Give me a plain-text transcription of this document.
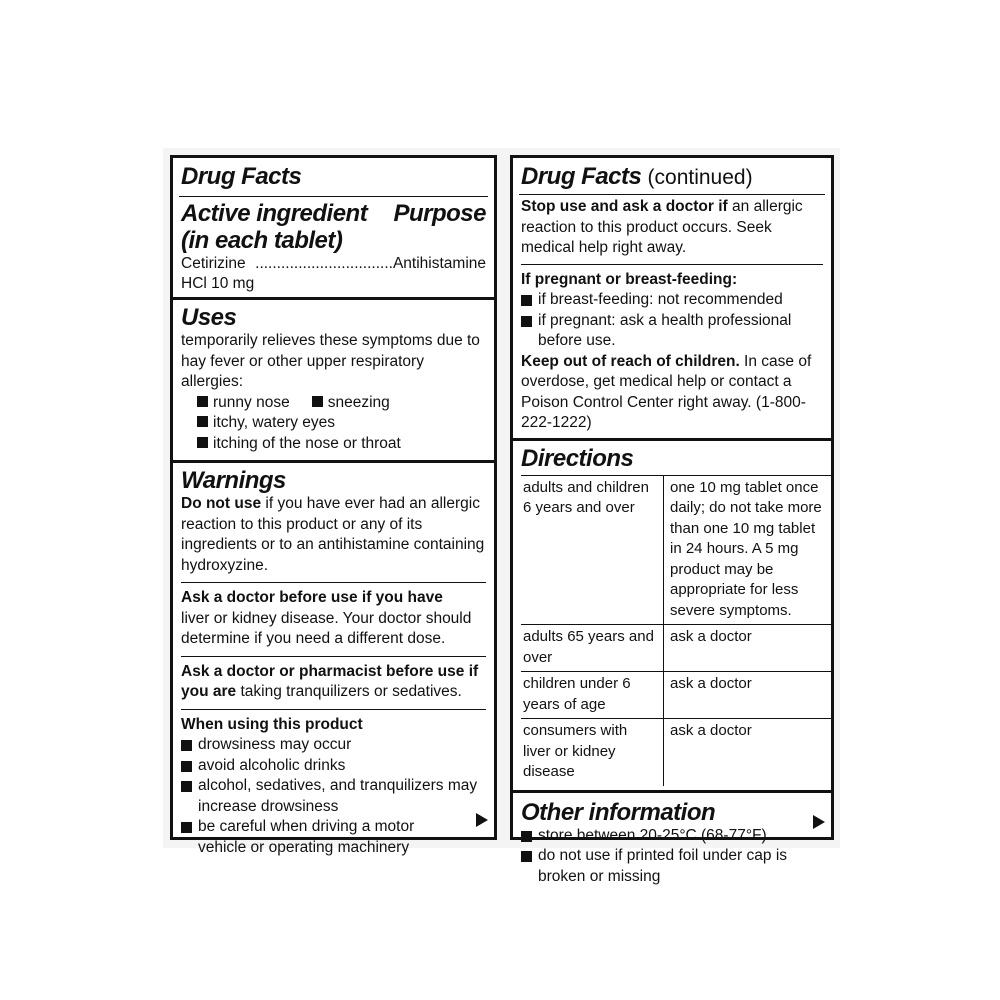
Drug Facts
Active ingredient Purpose
(in each tablet)
Cetirizine HCl 10 mg
................................ Antihistamine
Uses
temporarily relieves these symptoms due to hay fever or other upper respiratory allergies:
runny nose sneezing
itchy, watery eyes
itching of the nose or throat
Warnings
Do not use if you have ever had an allergic reaction to this product or any of its ingredients or to an antihistamine containing hydroxyzine.
Ask a doctor before use if you have
liver or kidney disease. Your doctor should determine if you need a different dose.
Ask a doctor or pharmacist before use if you are taking tranquilizers or sedatives.
When using this product
drowsiness may occur
avoid alcoholic drinks
alcohol, sedatives, and tranquilizers may increase drowsiness
be careful when driving a motor vehicle or operating machinery
Drug Facts (continued)
Stop use and ask a doctor if an allergic reaction to this product occurs. Seek medical help right away.
If pregnant or breast-feeding:
if breast-feeding: not recommended
if pregnant: ask a health professional before use.
Keep out of reach of children. In case of overdose, get medical help or contact a Poison Control Center right away. (1-800-222-1222)
Directions
adults and children 6 years and over	one 10 mg tablet once daily; do not take more than one 10 mg tablet in 24 hours. A 5 mg product may be appropriate for less severe symptoms.
adults 65 years and over	ask a doctor
children under 6 years of age	ask a doctor
consumers with liver or kidney disease	ask a doctor
Other information
store between 20-25°C (68-77°F)
do not use if printed foil under cap is broken or missing
